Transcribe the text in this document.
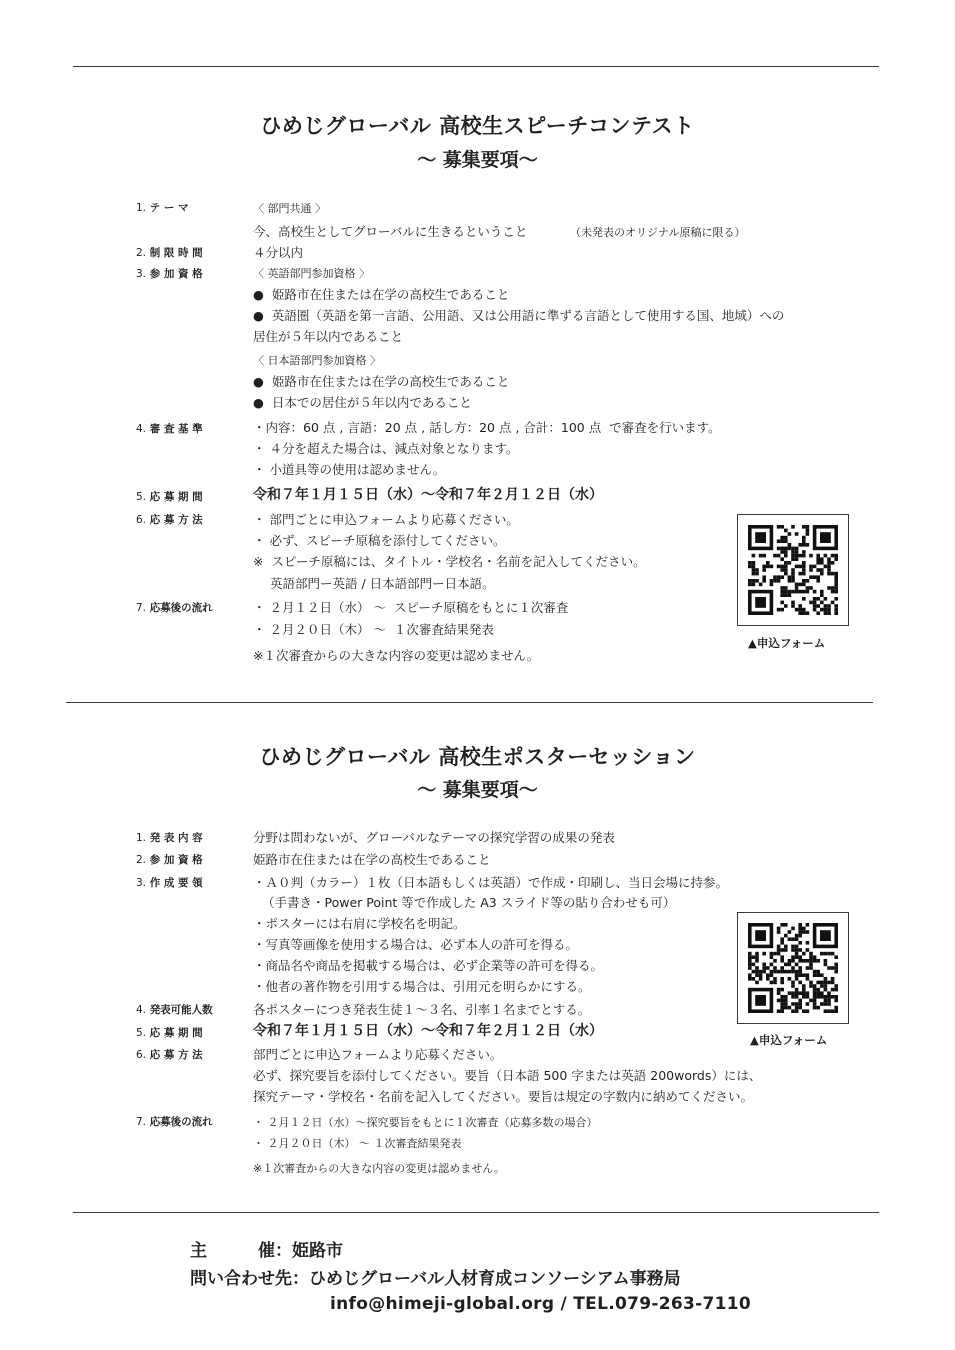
ひめじグローバル 高校生スピーチコンテスト
～ 募集要項～
1. テ ー マ	〈 部門共通 〉
今、高校生としてグローバルに生きるということ	（未発表のオリジナル原稿に限る）
2. 制 限 時 間	４分以内
3. 参 加 資 格	〈 英語部門参加資格 〉
●  姫路市在住または在学の高校生であること
●  英語圏（英語を第一言語、公用語、又は公用語に準ずる言語として使用する国、地域）への
居住が５年以内であること
〈 日本語部門参加資格 〉
●  姫路市在住または在学の高校生であること
●  日本での居住が５年以内であること
4. 審 査 基 準	・内容：60 点 , 言語：20 点 , 話し方：20 点 , 合計：100 点  で審査を行います。
・ ４分を超えた場合は、減点対象となります。
・ 小道具等の使用は認めません。
5. 応 募 期 間	令和７年１月１５日（水）～令和７年２月１２日（水）
6. 応 募 方 法	・ 部門ごとに申込フォームより応募ください。
・ 必ず、スピーチ原稿を添付してください。
※  スピーチ原稿には、タイトル・学校名・名前を記入してください。
英語部門ー英語 / 日本語部門ー日本語。
7. 応募後の流れ	・ ２月１２日（水） ～  スピーチ原稿をもとに１次審査
・ ２月２０日（木） ～  １次審査結果発表
※１次審査からの大きな内容の変更は認めません。
▲申込フォーム
ひめじグローバル 高校生ポスターセッション
～ 募集要項～
1. 発 表 内 容	分野は問わないが、グローバルなテーマの探究学習の成果の発表
2. 参 加 資 格	姫路市在住または在学の高校生であること
3. 作 成 要 領	・Ａ０判（カラー）１枚（日本語もしくは英語）で作成・印刷し、当日会場に持参。
（手書き・Power Point 等で作成した A3 スライド等の貼り合わせも可）
・ポスターには右肩に学校名を明記。
・写真等画像を使用する場合は、必ず本人の許可を得る。
・商品名や商品を掲載する場合は、必ず企業等の許可を得る。
・他者の著作物を引用する場合は、引用元を明らかにする。
4. 発表可能人数	各ポスターにつき発表生徒１～３名、引率１名までとする。
5. 応 募 期 間	令和７年１月１５日（水）～令和７年２月１２日（水）
6. 応 募 方 法	部門ごとに申込フォームより応募ください。
必ず、探究要旨を添付してください。要旨（日本語 500 字または英語 200words）には、
探究テーマ・学校名・名前を記入してください。要旨は規定の字数内に納めてください。
7. 応募後の流れ	・ ２月１２日（水）～探究要旨をもとに１次審査（応募多数の場合）
・ ２月２０日（木） ～ １次審査結果発表
※１次審査からの大きな内容の変更は認めません。
▲申込フォーム
主　　　催：姫路市
問い合わせ先：ひめじグローバル人材育成コンソーシアム事務局
info@himeji-global.org / TEL.079-263-7110
